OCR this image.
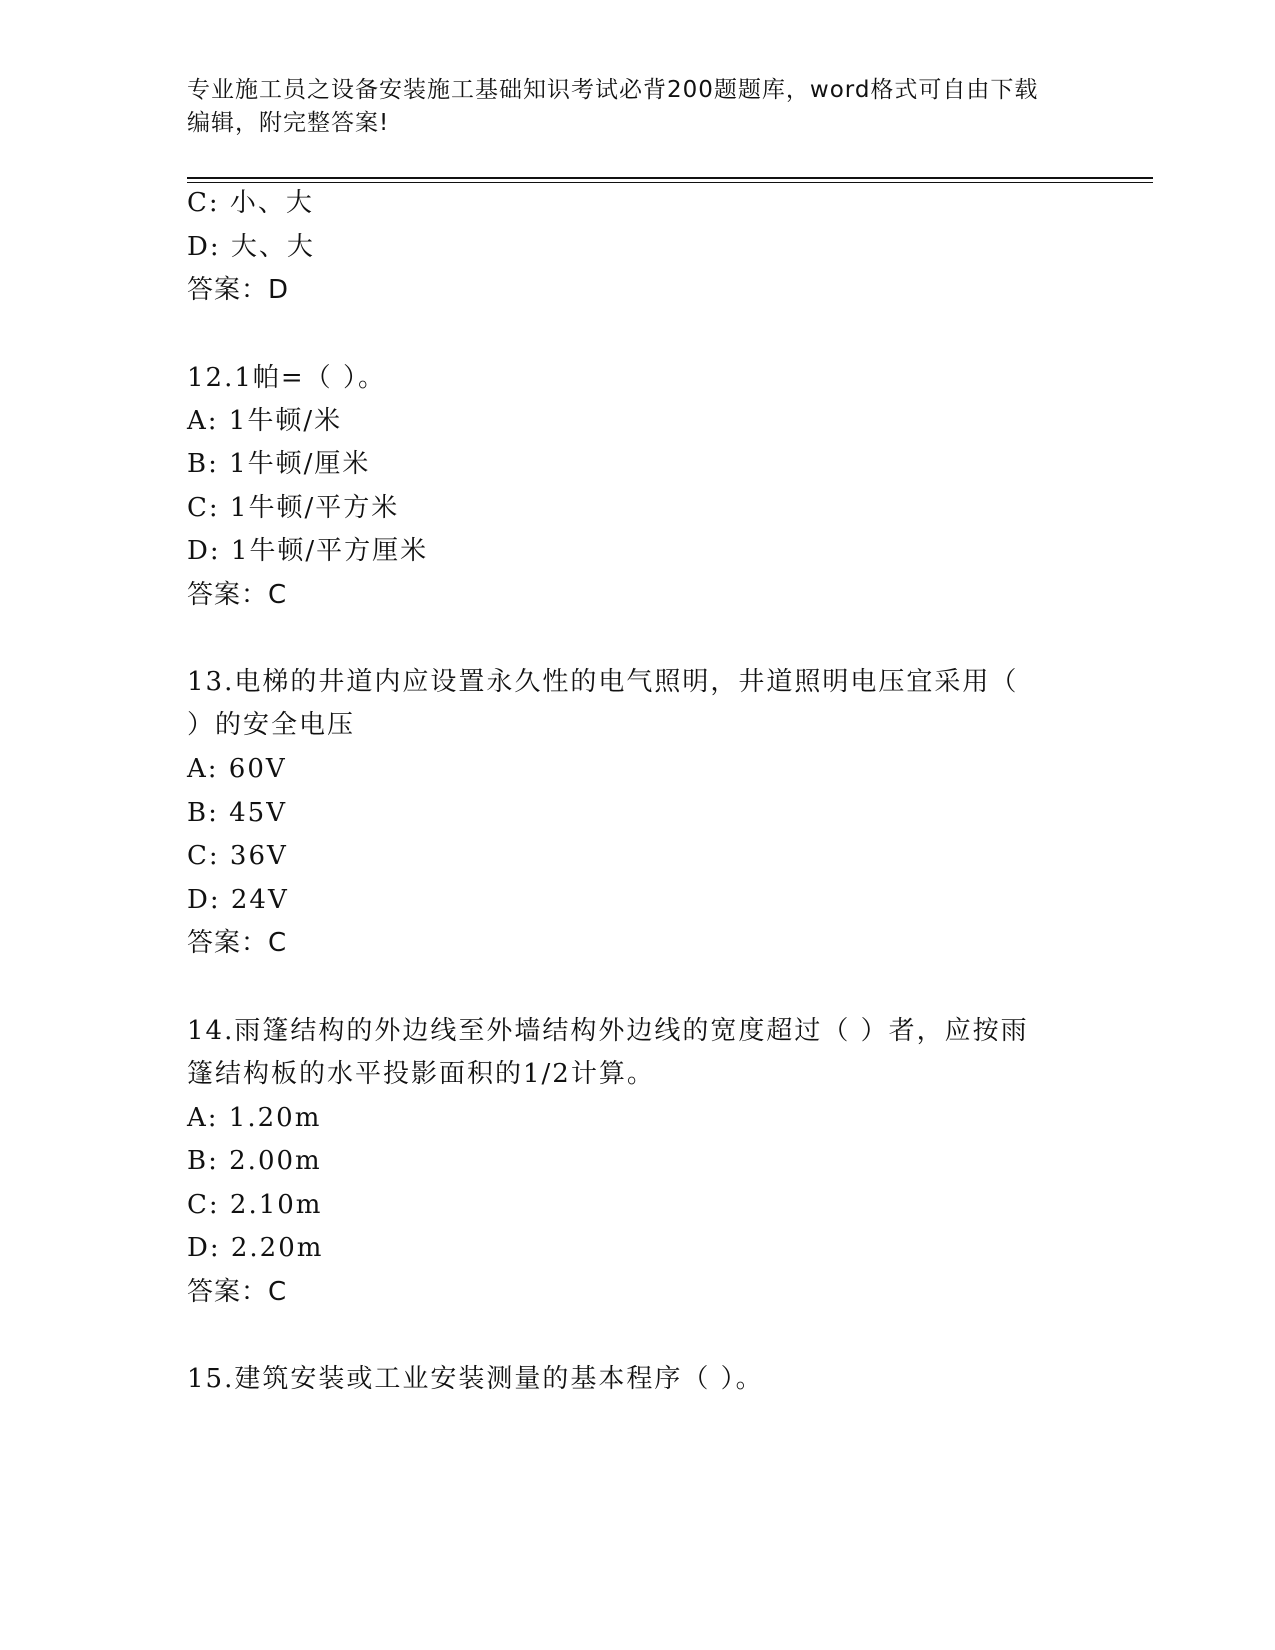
专业施工员之设备安装施工基础知识考试必背200题题库，word格式可自由下载
编辑，附完整答案!
C: 小、大
D: 大、大
答案：D
12.1帕=（ ）。
A: 1牛顿/米
B: 1牛顿/厘米
C: 1牛顿/平方米
D: 1牛顿/平方厘米
答案：C
13.电梯的井道内应设置永久性的电气照明，井道照明电压宜采用（
）的安全电压
A: 60V
B: 45V
C: 36V
D: 24V
答案：C
14.雨篷结构的外边线至外墙结构外边线的宽度超过（ ）者，应按雨
篷结构板的水平投影面积的1/2计算。
A: 1.20m
B: 2.00m
C: 2.10m
D: 2.20m
答案：C
15.建筑安装或工业安装测量的基本程序（ ）。
